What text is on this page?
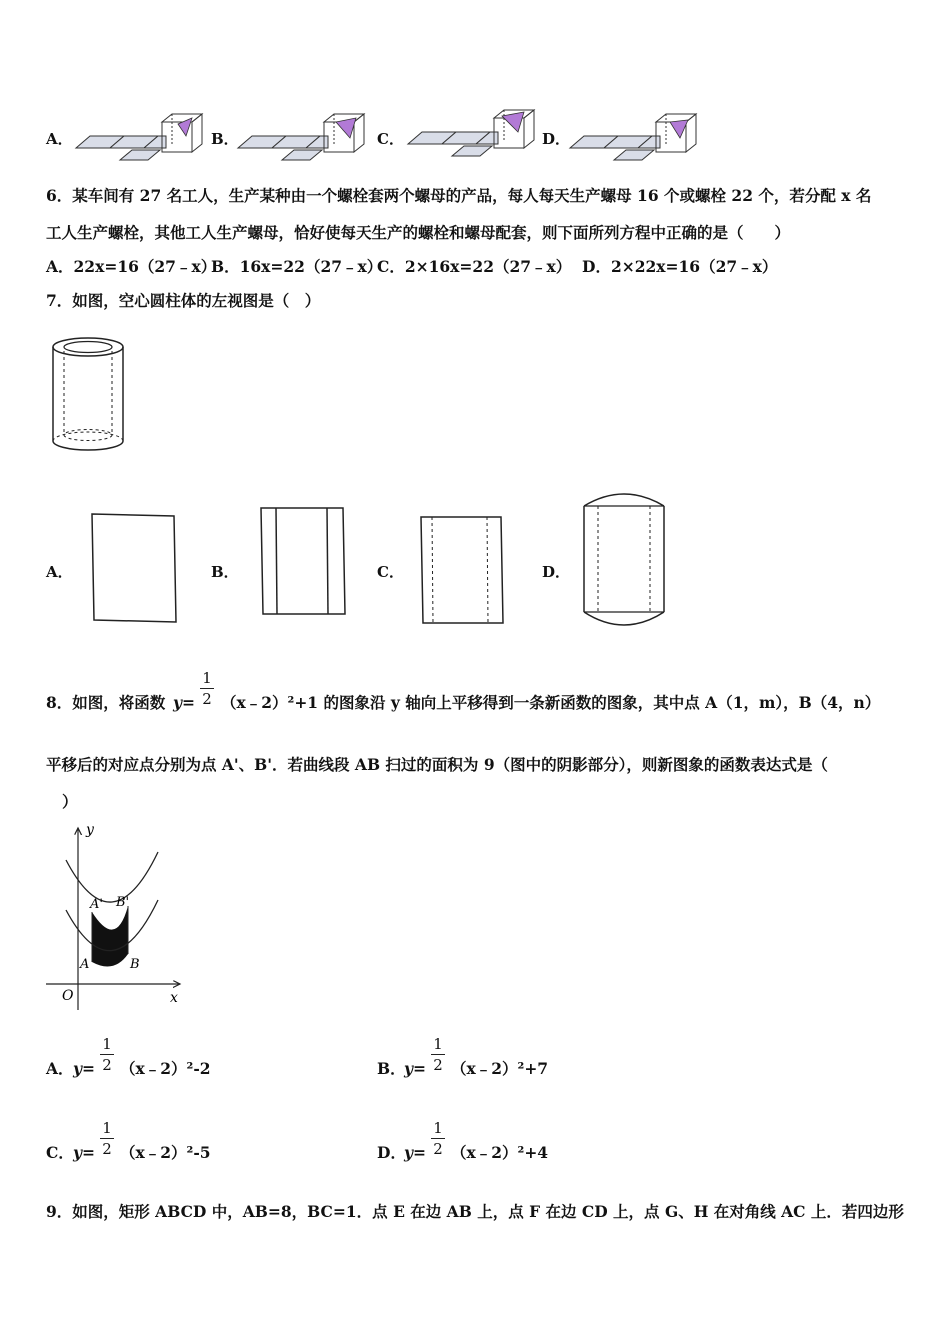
A．	B．	C．	D．
6．某车间有 27 名工人，生产某种由一个螺栓套两个螺母的产品，每人每天生产螺母 16 个或螺栓 22 个，若分配 x 名
工人生产螺栓，其他工人生产螺母，恰好使每天生产的螺栓和螺母配套，则下面所列方程中正确的是（　　）
A．22x=16（27﹣x）
B．16x=22（27﹣x）
C．2×16x=22（27﹣x） D．2×22x=16（27﹣x）
7．如图，空心圆柱体的左视图是（　）
A．	B．	C．	D．
8．如图，将函数 y=
1
2 （x﹣2）²+1 的图象沿 y 轴向上平移得到一条新函数的图象，其中点 A（1，m），B（4，n）
平移后的对应点分别为点 A'、B'．若曲线段 AB 扫过的面积为 9（图中的阴影部分），则新图象的函数表达式是（
）
y
x
O
A	B
A' B'
A． y=
1
2 （x﹣2）²-2	B．
y=
1
2 （x﹣2）²+7
C． y=
1
2 （x﹣2）²-5	D．
y=
1
2 （x﹣2）²+4
9．如图，矩形 ABCD 中，AB=8，BC=1．点 E 在边 AB 上，点 F 在边 CD 上，点 G、H 在对角线 AC 上．若四边形
